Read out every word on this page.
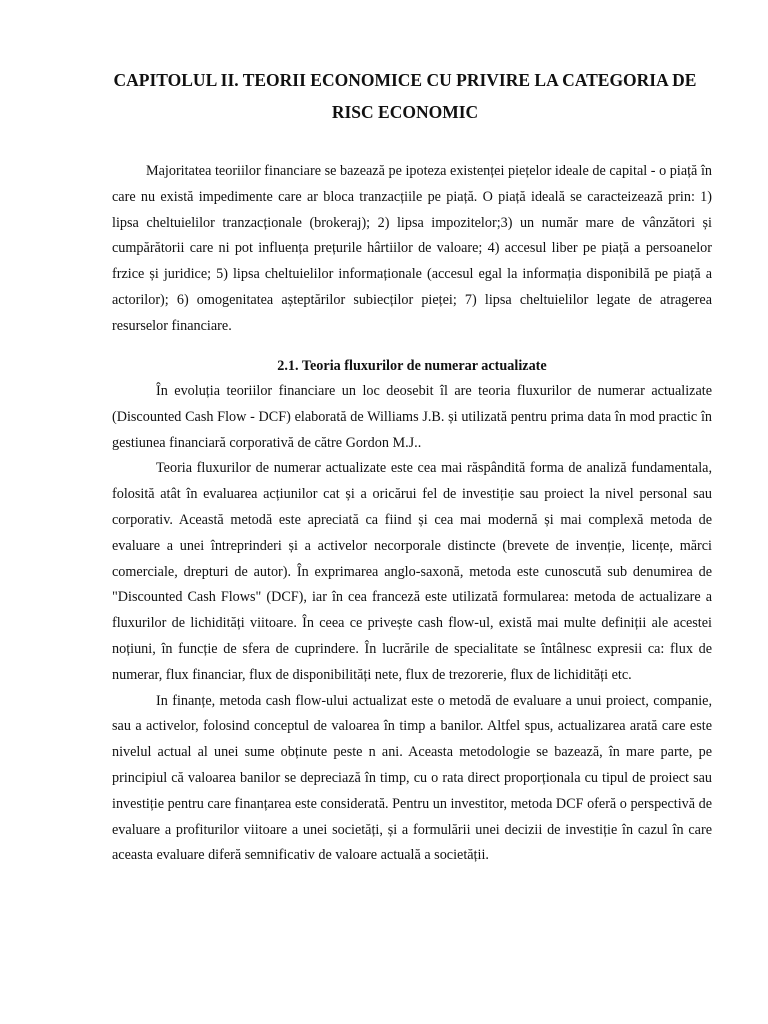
CAPITOLUL II. TEORII ECONOMICE CU PRIVIRE LA CATEGORIA DE RISC ECONOMIC

Majoritatea teoriilor financiare se bazează pe ipoteza existenței piețelor ideale de capital - o piață în care nu există impedimente care ar bloca tranzacțiile pe piață. O piață ideală se caracteizează prin: 1) lipsa cheltuielilor tranzacționale (brokeraj); 2) lipsa impozitelor;3) un număr mare de vânzători și cumpărătorii care ni pot influența prețurile hârtiilor de valoare; 4) accesul liber pe piață a persoanelor frzice și juridice; 5) lipsa cheltuielilor informaționale (accesul egal la informația disponibilă pe piață a actorilor); 6) omogenitatea așteptărilor subiecților pieței; 7) lipsa cheltuielilor legate de atragerea resurselor financiare.

2.1. Teoria fluxurilor de numerar actualizate

În evoluția teoriilor financiare un loc deosebit îl are teoria fluxurilor de numerar actualizate (Discounted Cash Flow - DCF) elaborată de Williams J.B. și utilizată pentru prima data în mod practic în gestiunea financiară corporativă de către Gordon M.J..

Teoria fluxurilor de numerar actualizate este cea mai răspândită forma de analiză fundamentala, folosită atât în evaluarea acțiunilor cat și a oricărui fel de investiție sau proiect la nivel personal sau corporativ. Această metodă este apreciată ca fiind și cea mai modernă și mai complexă metoda de evaluare a unei întreprinderi și a activelor necorporale distincte (brevete de invenție, licențe, mărci comerciale, drepturi de autor). În exprimarea anglo-saxonă, metoda este cunoscută sub denumirea de "Discounted Cash Flows" (DCF), iar în cea franceză este utilizată formularea: metoda de actualizare a fluxurilor de lichidități viitoare. În ceea ce privește cash flow-ul, există mai multe definiții ale acestei noțiuni, în funcție de sfera de cuprindere. În lucrările de specialitate se întâlnesc expresii ca: flux de numerar, flux financiar, flux de disponibilități nete, flux de trezorerie, flux de lichidități etc.

In finanțe, metoda cash flow-ului actualizat este o metodă de evaluare a unui proiect, companie, sau a activelor, folosind conceptul de valoarea în timp a banilor. Altfel spus, actualizarea arată care este nivelul actual al unei sume obținute peste n ani. Aceasta metodologie se bazează, în mare parte, pe principiul că valoarea banilor se depreciază în timp, cu o rata direct proporționala cu tipul de proiect sau investiție pentru care finanțarea este considerată. Pentru un investitor, metoda DCF oferă o perspectivă de evaluare a profiturilor viitoare a unei societăți, și a formulării unei decizii de investiție în cazul în care aceasta evaluare diferă semnificativ de valoare actuală a societății.
